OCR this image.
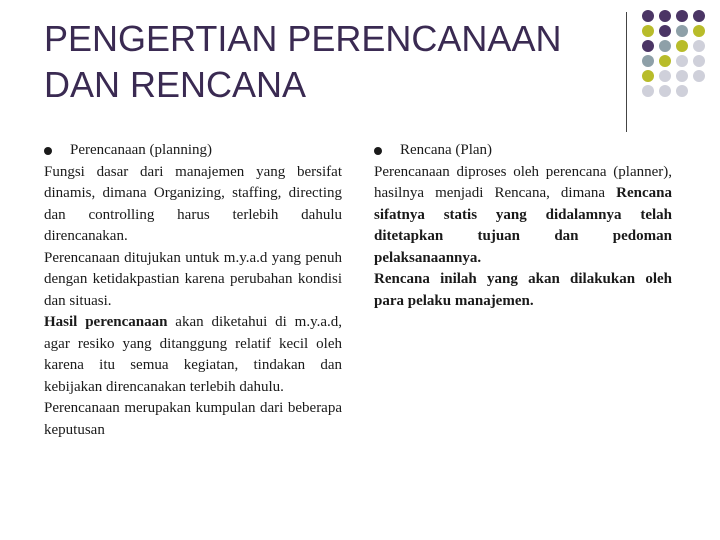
PENGERTIAN PERENCANAAN
DAN RENCANA
Perencanaan (planning)

Fungsi dasar dari manajemen yang bersifat dinamis, dimana Organizing, staffing, directing dan controlling harus terlebih dahulu direncanakan.

Perencanaan ditujukan untuk m.y.a.d yang penuh dengan ketidakpastian karena perubahan kondisi dan situasi.

Hasil perencanaan akan diketahui di m.y.a.d, agar resiko yang ditanggung relatif kecil oleh karena itu semua kegiatan, tindakan dan kebijakan direncanakan terlebih dahulu.

Perencanaan merupakan kumpulan dari beberapa keputusan

Rencana (Plan)

Perencanaan diproses oleh perencana (planner), hasilnya menjadi Rencana, dimana Rencana sifatnya statis yang didalamnya telah ditetapkan tujuan dan pedoman pelaksanaannya.

Rencana inilah yang akan dilakukan oleh para pelaku manajemen.
